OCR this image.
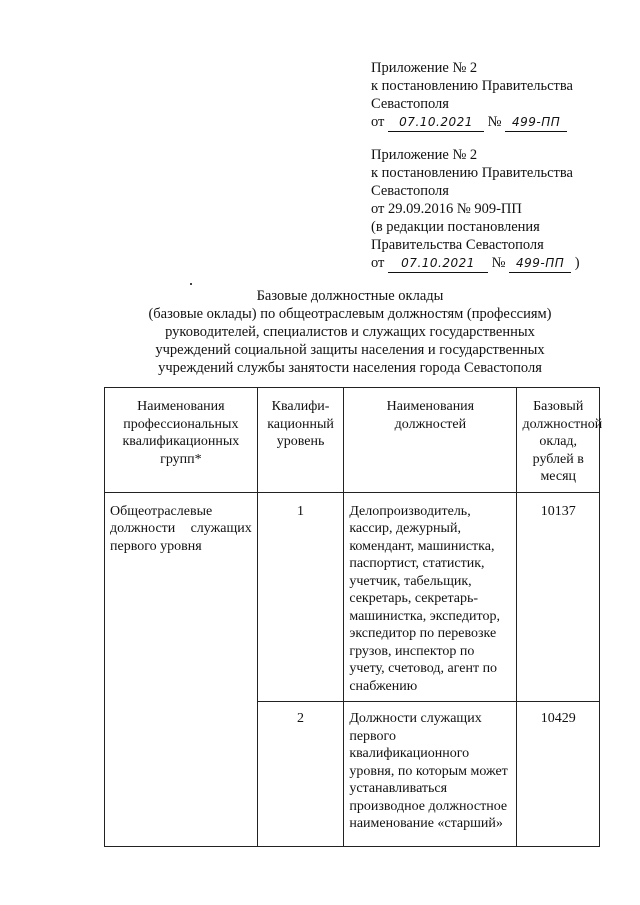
Приложение № 2
к постановлению Правительства
Севастополя
от 07.10.2021 № 499-ПП
Приложение № 2
к постановлению Правительства
Севастополя
от 29.09.2016 № 909-ПП
(в редакции постановления
Правительства Севастополя
от 07.10.2021 № 499-ПП )
Базовые должностные оклады
(базовые оклады) по общеотраслевым должностям (профессиям)
руководителей, специалистов и служащих государственных
учреждений социальной защиты населения и государственных
учреждений службы занятости населения города Севастополя
Наименования профессиональных квалификационных групп*	Квалифи-кационный уровень	Наименования должностей	Базовый должностной оклад, рублей в месяц
Общеотраслевые должности служащих первого уровня	1	Делопроизводитель, кассир, дежурный, комендант, машинистка, паспортист, статистик, учетчик, табельщик, секретарь, секретарь-машинистка, экспедитор, экспедитор по перевозке грузов, инспектор по учету, счетовод, агент по снабжению	10137
	2	Должности служащих первого квалификационного уровня, по которым может устанавливаться производное должностное наименование «старший»	10429
